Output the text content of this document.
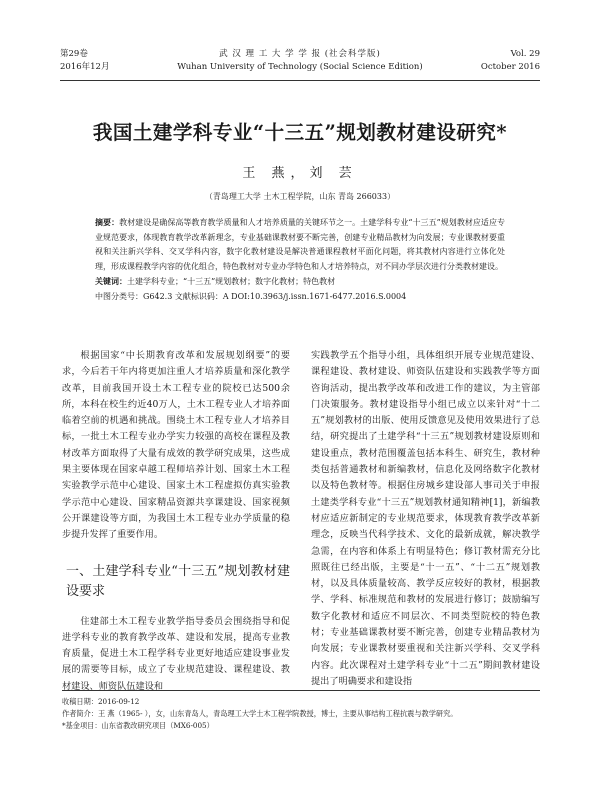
第29卷
2016年12月
武 汉 理 工 大 学 学 报 (社会科学版)
Wuhan University of Technology (Social Science Edition)
Vol. 29
October 2016
我国土建学科专业“十三五”规划教材建设研究*
王 燕，刘 芸
（青岛理工大学 土木工程学院，山东 青岛 266033）
摘要：教材建设是确保高等教育教学质量和人才培养质量的关键环节之一。土建学科专业“十三五”规划教材应适应专业规范要求，体现教育教学改革新理念，专业基础课教材要不断完善，创建专业精品教材为向发展；专业课教材要重视和关注新兴学科、交叉学科内容，数字化教材建设是解决普通课程教材平面化问题，将其教材内容进行立体化处理，形成课程教学内容的优化组合，特色教材对专业办学特色和人才培养特点，对不同办学层次进行分类教材建设。
关键词：土建学科专业；“十三五”规划教材；数字化教材；特色教材
中图分类号：G642.3 文献标识码：A DOI:10.3963/j.issn.1671-6477.2016.S.0004

根据国家“中长期教育改革和发展规划纲要”的要求，今后若干年内将更加注重人才培养质量和深化教学改革，目前我国开设土木工程专业的院校已达500余所，本科在校生约近40万人，土木工程专业人才培养面临着空前的机遇和挑战。围绕土木工程专业人才培养目标，一批土木工程专业办学实力较强的高校在课程及教材改革方面取得了大量有成效的教学研究成果，这些成果主要体现在国家卓越工程师培养计划、国家土木工程实验教学示范中心建设、国家土木工程虚拟仿真实验教学示范中心建设、国家精品资源共享课建设、国家视频公开课建设等方面，为我国土木工程专业办学质量的稳步提升发挥了重要作用。

一、土建学科专业“十三五”规划教材建设要求

住建部土木工程专业教学指导委员会围绕指导和促进学科专业的教育教学改革、建设和发展，提高专业教育质量，促进土木工程学科专业更好地适应建设事业发展的需要等目标，成立了专业规范建设、课程建设、教材建设、师资队伍建设和

实践教学五个指导小组，具体组织开展专业规范建设、课程建设、教材建设、师资队伍建设和实践教学等方面咨询活动，提出教学改革和改进工作的建议，为主管部门决策服务。教材建设指导小组已成立以来针对“十二五”规划教材的出版、使用反馈意见及使用效果进行了总结，研究提出了土建学科“十三五”规划教材建设原则和建设重点，教材范围覆盖包括本科生、研究生，教材种类包括普通教材和新编教材，信息化及网络数字化教材以及特色教材等。根据住房城乡建设部人事司关于申报土建类学科专业“十三五”规划教材通知精神[1]，新编教材应适应新制定的专业规范要求，体现教育教学改革新理念，反映当代科学技术、文化的最新成就，解决教学急需，在内容和体系上有明显特色；修订教材需充分比照既往已经出版，主要是“十一五”、“十二五”规划教材，以及具体质量较高、教学反应较好的教材，根据教学、学科、标准规范和教材的发展进行修订；鼓励编写数字化教材和适应不同层次、不同类型院校的特色教材；专业基础课教材要不断完善，创建专业精品教材为向发展；专业课教材要重视和关注新兴学科、交叉学科内容。此次课程对土建学科专业“十二五”期间教材建设提出了明确要求和建设指

收稿日期：2016-09-12
作者简介：王 燕（1965- ），女，山东青岛人，青岛理工大学土木工程学院教授，博士，主要从事结构工程抗震与教学研究。
*基金项目：山东省教改研究项目（MX6-005）
